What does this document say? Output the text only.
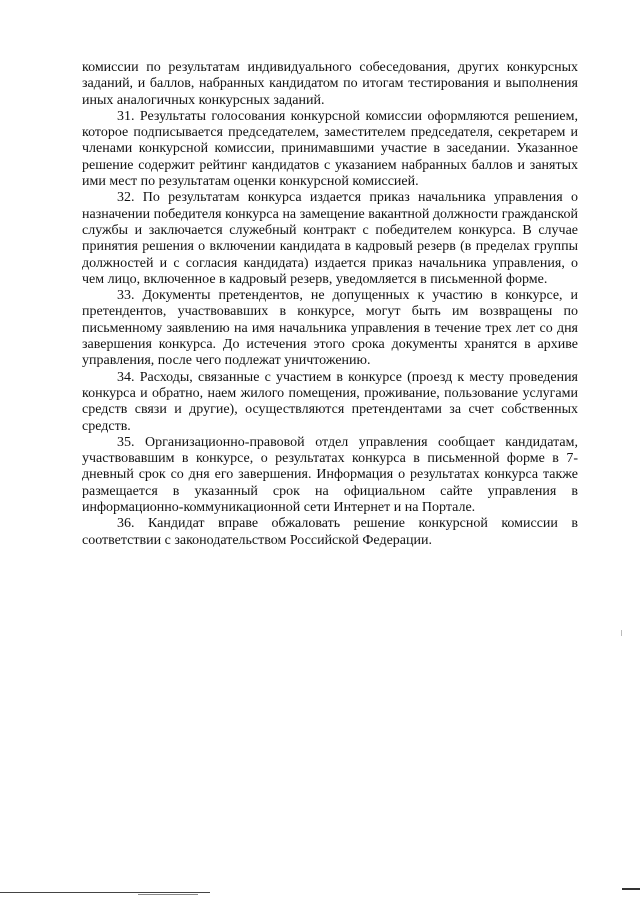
комиссии по результатам индивидуального собеседования, других конкурсных заданий, и баллов, набранных кандидатом по итогам тестирования и выполнения иных аналогичных конкурсных заданий.

31. Результаты голосования конкурсной комиссии оформляются решением, которое подписывается председателем, заместителем председателя, секретарем и членами конкурсной комиссии, принимавшими участие в заседании. Указанное решение содержит рейтинг кандидатов с указанием набранных баллов и занятых ими мест по результатам оценки конкурсной комиссией.

32. По результатам конкурса издается приказ начальника управления о назначении победителя конкурса на замещение вакантной должности гражданской службы и заключается служебный контракт с победителем конкурса. В случае принятия решения о включении кандидата в кадровый резерв (в пределах группы должностей и с согласия кандидата) издается приказ начальника управления, о чем лицо, включенное в кадровый резерв, уведомляется в письменной форме.

33. Документы претендентов, не допущенных к участию в конкурсе, и претендентов, участвовавших в конкурсе, могут быть им возвращены по письменному заявлению на имя начальника управления в течение трех лет со дня завершения конкурса. До истечения этого срока документы хранятся в архиве управления, после чего подлежат уничтожению.

34. Расходы, связанные с участием в конкурсе (проезд к месту проведения конкурса и обратно, наем жилого помещения, проживание, пользование услугами средств связи и другие), осуществляются претендентами за счет собственных средств.

35. Организационно-правовой отдел управления сообщает кандидатам, участвовавшим в конкурсе, о результатах конкурса в письменной форме в 7-дневный срок со дня его завершения. Информация о результатах конкурса также размещается в указанный срок на официальном сайте управления в информационно-коммуникационной сети Интернет и на Портале.

36. Кандидат вправе обжаловать решение конкурсной комиссии в соответствии с законодательством Российской Федерации.
